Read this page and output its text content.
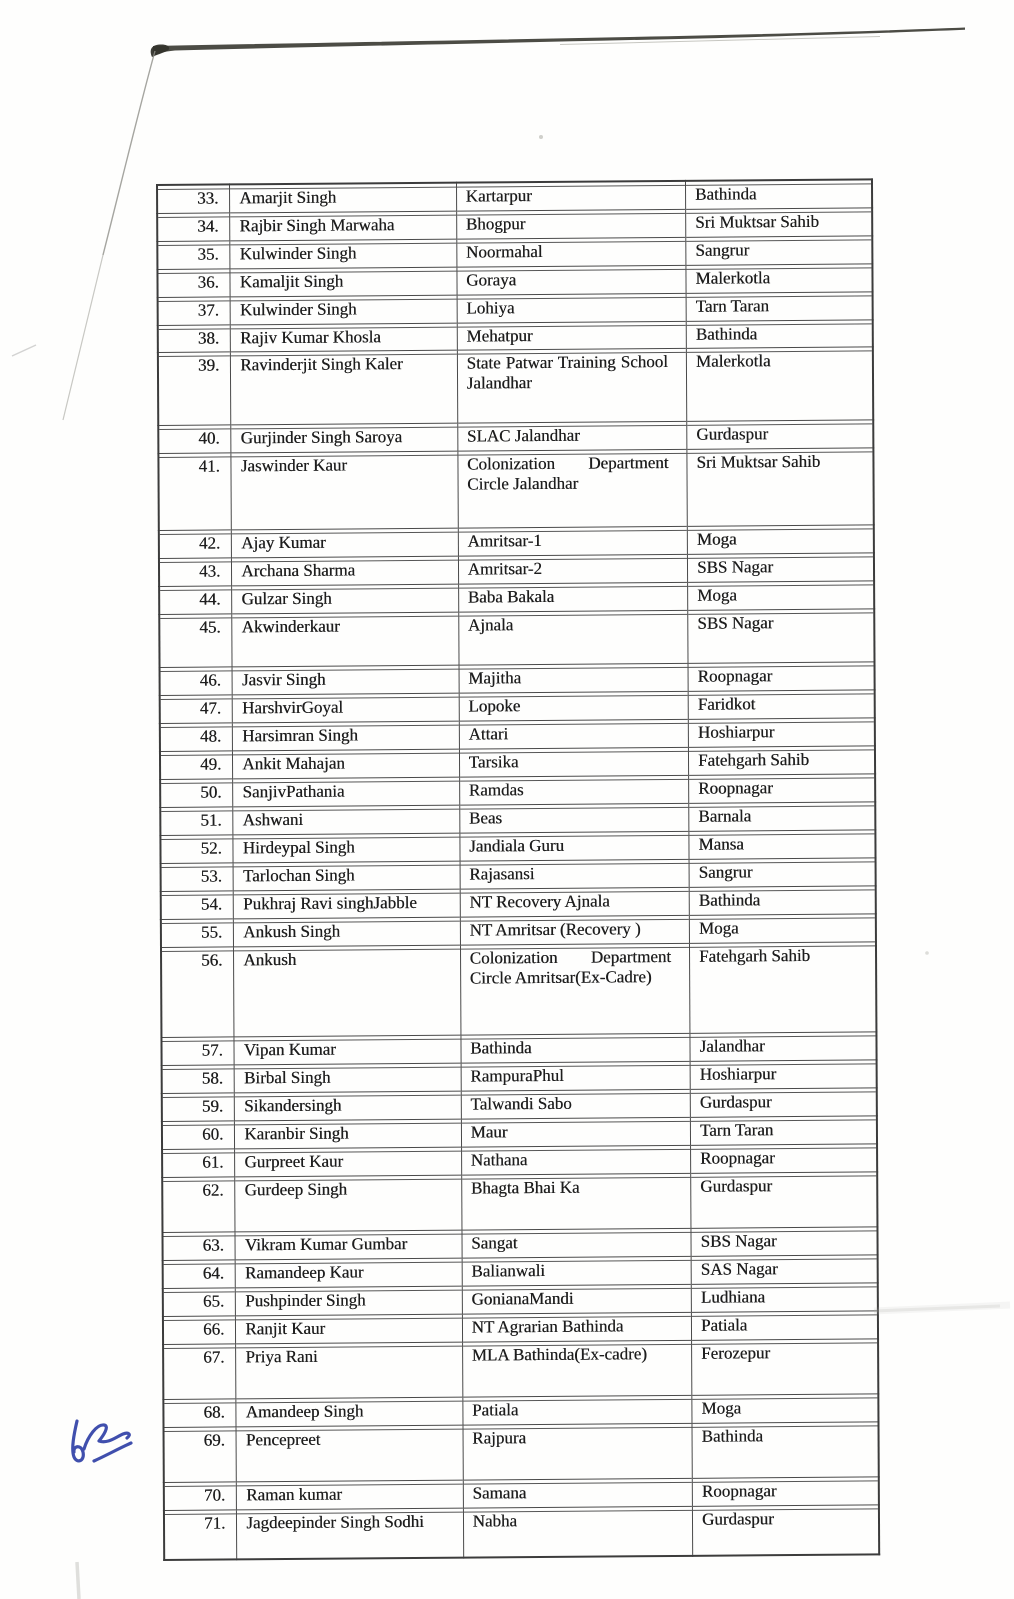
33.	Amarjit Singh	Kartarpur	Bathinda
34.	Rajbir Singh Marwaha	Bhogpur	Sri Muktsar Sahib
35.	Kulwinder Singh	Noormahal	Sangrur
36.	Kamaljit Singh	Goraya	Malerkotla
37.	Kulwinder Singh	Lohiya	Tarn Taran
38.	Rajiv Kumar Khosla	Mehatpur	Bathinda
39.	Ravinderjit Singh Kaler	State Patwar Training School Jalandhar	Malerkotla
40.	Gurjinder Singh Saroya	SLAC Jalandhar	Gurdaspur
41.	Jaswinder Kaur	Colonization Department Circle Jalandhar	Sri Muktsar Sahib
42.	Ajay Kumar	Amritsar-1	Moga
43.	Archana Sharma	Amritsar-2	SBS Nagar
44.	Gulzar Singh	Baba Bakala	Moga
45.	Akwinderkaur	Ajnala	SBS Nagar
46.	Jasvir Singh	Majitha	Roopnagar
47.	HarshvirGoyal	Lopoke	Faridkot
48.	Harsimran Singh	Attari	Hoshiarpur
49.	Ankit Mahajan	Tarsika	Fatehgarh Sahib
50.	SanjivPathania	Ramdas	Roopnagar
51.	Ashwani	Beas	Barnala
52.	Hirdeypal Singh	Jandiala Guru	Mansa
53.	Tarlochan Singh	Rajasansi	Sangrur
54.	Pukhraj Ravi singhJabble	NT Recovery Ajnala	Bathinda
55.	Ankush Singh	NT Amritsar (Recovery )	Moga
56.	Ankush	Colonization Department Circle Amritsar(Ex-Cadre)	Fatehgarh Sahib
57.	Vipan Kumar	Bathinda	Jalandhar
58.	Birbal Singh	RampuraPhul	Hoshiarpur
59.	Sikandersingh	Talwandi Sabo	Gurdaspur
60.	Karanbir Singh	Maur	Tarn Taran
61.	Gurpreet Kaur	Nathana	Roopnagar
62.	Gurdeep Singh	Bhagta Bhai Ka	Gurdaspur
63.	Vikram Kumar Gumbar	Sangat	SBS Nagar
64.	Ramandeep Kaur	Balianwali	SAS Nagar
65.	Pushpinder Singh	GonianaMandi	Ludhiana
66.	Ranjit Kaur	NT Agrarian Bathinda	Patiala
67.	Priya Rani	MLA Bathinda(Ex-cadre)	Ferozepur
68.	Amandeep Singh	Patiala	Moga
69.	Pencepreet	Rajpura	Bathinda
70.	Raman kumar	Samana	Roopnagar
71.	Jagdeepinder Singh Sodhi	Nabha	Gurdaspur
